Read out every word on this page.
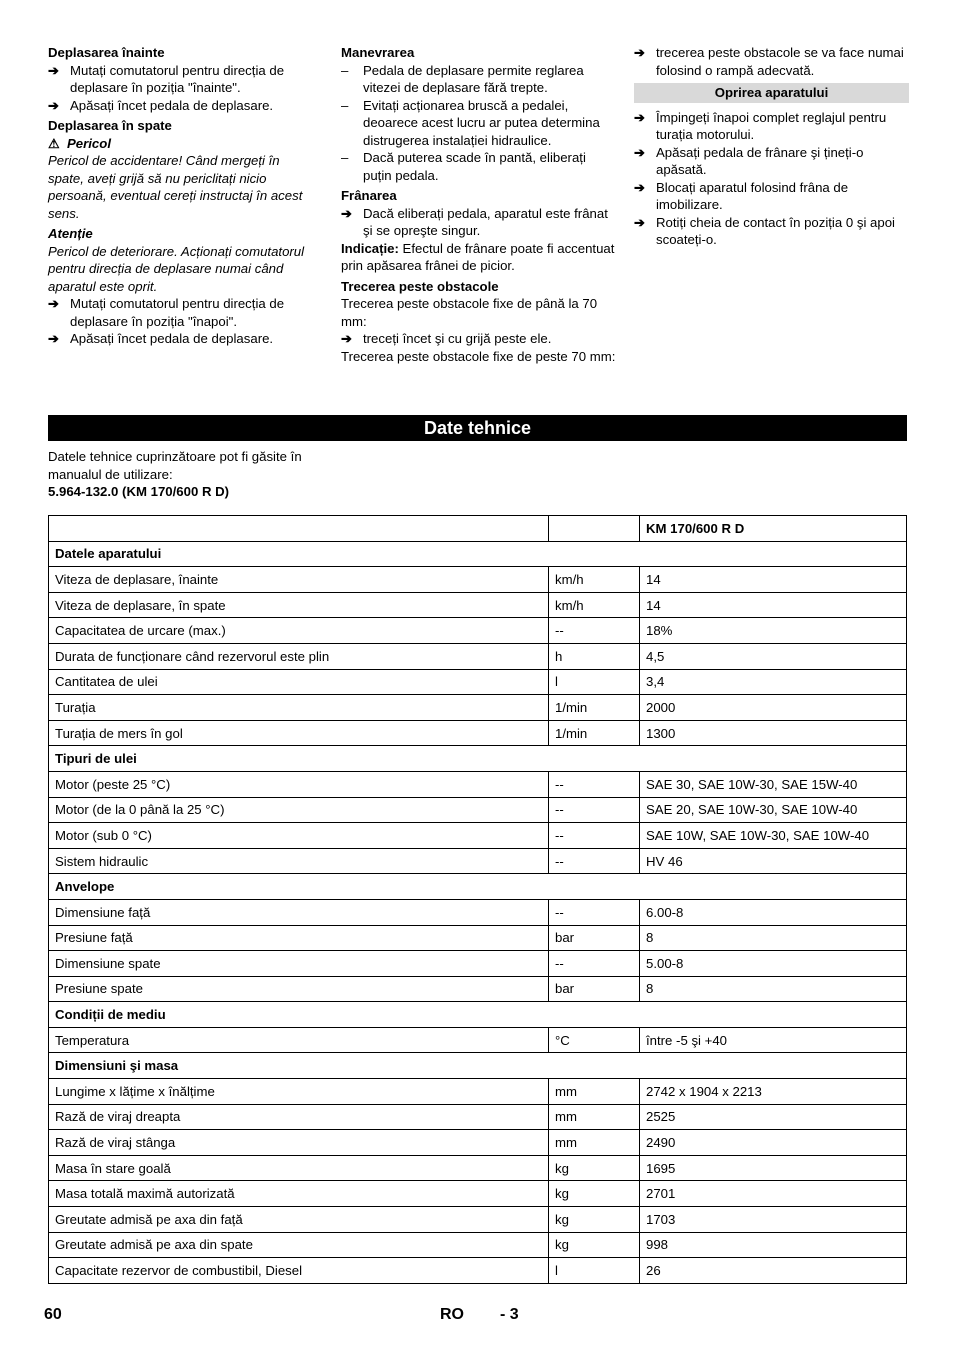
Deplasarea înainte

➔ Mutați comutatorul pentru direcția de deplasare în poziția "înainte".

➔ Apăsați încet pedala de deplasare.

Deplasarea în spate

⚠ Pericol

Pericol de accidentare! Când mergeți în spate, aveți grijă să nu periclitați nicio persoană, eventual cereți instructaj în acest sens.

Atenție

Pericol de deteriorare. Acționați comutatorul pentru direcția de deplasare numai când aparatul este oprit.

➔ Mutați comutatorul pentru direcția de deplasare în poziția "înapoi".

➔ Apăsați încet pedala de deplasare.

Manevrarea

– Pedala de deplasare permite reglarea vitezei de deplasare fără trepte.

– Evitați acționarea bruscă a pedalei, deoarece acest lucru ar putea determina distrugerea instalației hidraulice.

– Dacă puterea scade în pantă, eliberați puțin pedala.

Frânarea

➔ Dacă eliberați pedala, aparatul este frânat şi se opreşte singur.

Indicație: Efectul de frânare poate fi accentuat prin apăsarea frânei de picior.

Trecerea peste obstacole

Trecerea peste obstacole fixe de până la 70 mm:

➔ treceți încet şi cu grijă peste ele.

Trecerea peste obstacole fixe de peste 70 mm:

➔ trecerea peste obstacole se va face numai folosind o rampă adecvată.

Oprirea aparatului

➔ Împingeți înapoi complet reglajul pentru turația motorului.

➔ Apăsați pedala de frânare şi țineți-o apăsată.

➔ Blocați aparatul folosind frâna de imobilizare.

➔ Rotiți cheia de contact în poziția 0 şi apoi scoateți-o.

Date tehnice

Datele tehnice cuprinzătoare pot fi găsite în manualul de utilizare:

5.964-132.0 (KM 170/600 R D)

		KM 170/600 R D
Datele aparatului		
Viteza de deplasare, înainte	km/h	14
Viteza de deplasare, în spate	km/h	14
Capacitatea de urcare (max.)	--	18%
Durata de funcționare când rezervorul este plin	h	4,5
Cantitatea de ulei	l	3,4
Turația	1/min	2000
Turația de mers în gol	1/min	1300
Tipuri de ulei		
Motor (peste 25 °C)	--	SAE 30, SAE 10W-30, SAE 15W-40
Motor (de la 0 până la 25 °C)	--	SAE 20, SAE 10W-30, SAE 10W-40
Motor (sub 0 °C)	--	SAE 10W, SAE 10W-30, SAE 10W-40
Sistem hidraulic	--	HV 46
Anvelope		
Dimensiune față	--	6.00-8
Presiune față	bar	8
Dimensiune spate	--	5.00-8
Presiune spate	bar	8
Condiții de mediu		
Temperatura	°C	între -5 şi +40
Dimensiuni şi masa		
Lungime x lățime x înălțime	mm	2742 x 1904 x 2213
Rază de viraj dreapta	mm	2525
Rază de viraj stânga	mm	2490
Masa în stare goală	kg	1695
Masa totală maximă autorizată	kg	2701
Greutate admisă pe axa din față	kg	1703
Greutate admisă pe axa din spate	kg	998
Capacitate rezervor de combustibil, Diesel	l	26
60	RO - 3
